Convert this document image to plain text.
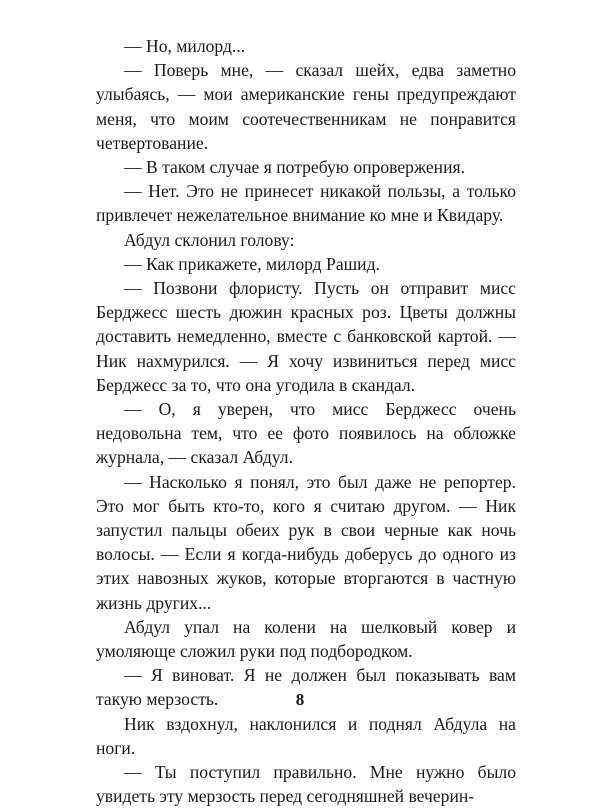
— Но, милорд...

— Поверь мне, — сказал шейх, едва заметно улыбаясь, — мои американские гены предупреждают меня, что моим соотечественникам не понравится четвертование.

— В таком случае я потребую опровержения.

— Нет. Это не принесет никакой пользы, а только привлечет нежелательное внимание ко мне и Квидару.

Абдул склонил голову:

— Как прикажете, милорд Рашид.

— Позвони флористу. Пусть он отправит мисс Берджесс шесть дюжин красных роз. Цветы должны доставить немедленно, вместе с банковской картой. — Ник нахмурился. — Я хочу извиниться перед мисс Берджесс за то, что она угодила в скандал.

— О, я уверен, что мисс Берджесс очень недовольна тем, что ее фото появилось на обложке журнала, — сказал Абдул.

— Насколько я понял, это был даже не репортер. Это мог быть кто-то, кого я считаю другом. — Ник запустил пальцы обеих рук в свои черные как ночь волосы. — Если я когда-нибудь доберусь до одного из этих навозных жуков, которые вторгаются в частную жизнь других...

Абдул упал на колени на шелковый ковер и умоляюще сложил руки под подбородком.

— Я виноват. Я не должен был показывать вам такую мерзость.

Ник вздохнул, наклонился и поднял Абдула на ноги.

— Ты поступил правильно. Мне нужно было увидеть эту мерзость перед сегодняшней вечерин-

8
